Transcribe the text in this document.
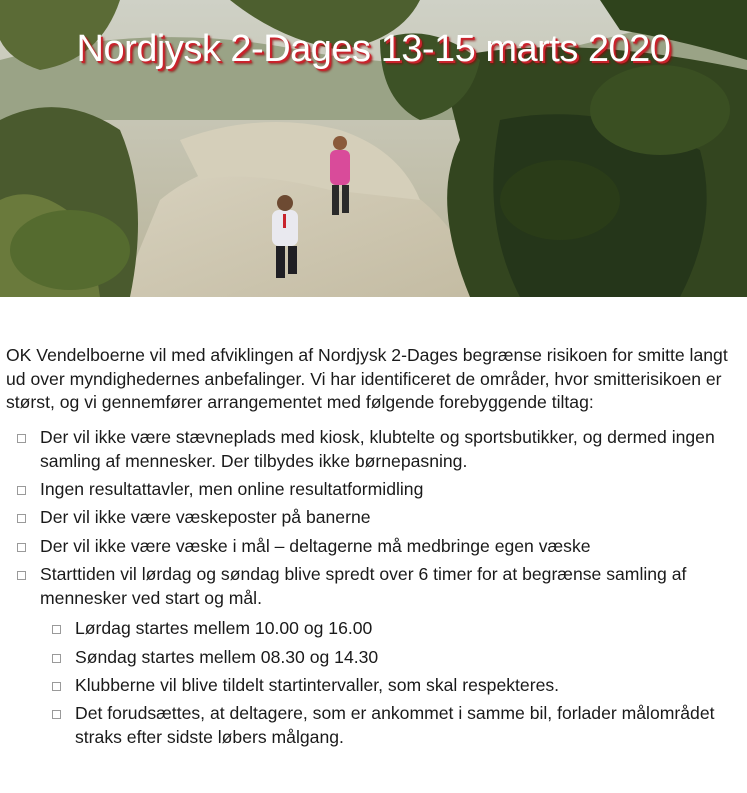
Nordjysk 2-Dages 13-15 marts 2020

OK Vendelboerne vil med afviklingen af Nordjysk 2-Dages begrænse risikoen for smitte langt ud over myndighedernes anbefalinger. Vi har identificeret de områder, hvor smitterisikoen er størst, og vi gennemfører arrangementet med følgende forebyggende tiltag:

Der vil ikke være stævneplads med kiosk, klubtelte og sportsbutikker, og dermed ingen samling af mennesker. Der tilbydes ikke børnepasning.
Ingen resultattavler, men online resultatformidling
Der vil ikke være væskeposter på banerne
Der vil ikke være væske i mål – deltagerne må medbringe egen væske
Starttiden vil lørdag og søndag blive spredt over 6 timer for at begrænse samling af mennesker ved start og mål.
Lørdag startes mellem 10.00 og 16.00
Søndag startes mellem 08.30 og 14.30
Klubberne vil blive tildelt startintervaller, som skal respekteres.
Det forudsættes, at deltagere, som er ankommet i samme bil, forlader målområdet straks efter sidste løbers målgang.
